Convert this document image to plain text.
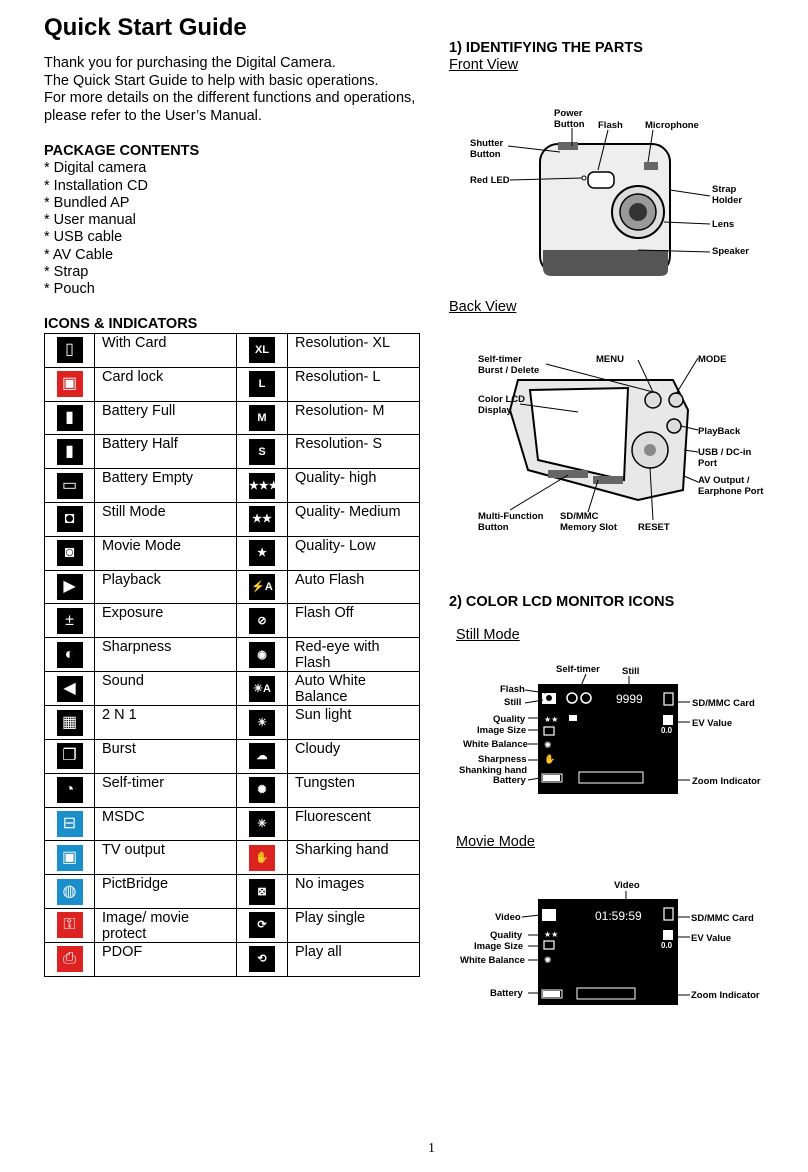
Quick Start Guide
Thank you for purchasing the Digital Camera.
The Quick Start Guide to help with basic operations.
For more details on the different functions and operations,
please refer to the User’s Manual.
PACKAGE CONTENTS
* Digital camera
* Installation CD
* Bundled AP
* User manual
* USB cable
* AV Cable
* Strap
* Pouch
ICONS & INDICATORS
▯	With Card	XL	Resolution- XL
▣	Card lock	L	Resolution- L
▮	Battery Full	M	Resolution- M
▮	Battery Half	S	Resolution- S
▭	Battery Empty	★★★	Quality- high
◘	Still Mode	★★	Quality- Medium
◙	Movie Mode	★	Quality- Low
▶	Playback	⚡A	Auto Flash
±	Exposure	⊘	Flash Off
◐	Sharpness	◉	Red-eye with Flash
◀	Sound	☀A	Auto White Balance
▦	2 N 1	☀	Sun light
❐	Burst	☁	Cloudy
◔	Self-timer	✺	Tungsten
⊟	MSDC	✳	Fluorescent
▣	TV output	✋	Sharking hand
◍	PictBridge	⊠	No images
⚿	Image/ movie protect	⟳	Play single
⎙	PDOF	⟲	Play all
1) IDENTIFYING THE PARTS
Front View
Power Button Flash Microphone
Shutter Button
Red LED
Strap Holder
Lens
Speaker
Back View
Self-timer Burst / Delete
MENU	MODE
Color LCD Display
PlayBack
USB / DC-in Port
AV Output / Earphone Port
Multi-Function Button
SD/MMC Memory Slot RESET
2) COLOR LCD MONITOR ICONS
Still Mode
9999
★★
✺
✋
0.0
Self-timer Still
Flash
Still
Quality
Image Size
White Balance
Sharpness
Shanking hand
Battery
SD/MMC Card
EV Value
Zoom Indicator
Movie Mode
01:59:59
★★
✺
0.0
Video
Video
Quality
Image Size
White Balance
Battery
SD/MMC Card
EV Value
Zoom Indicator
1
